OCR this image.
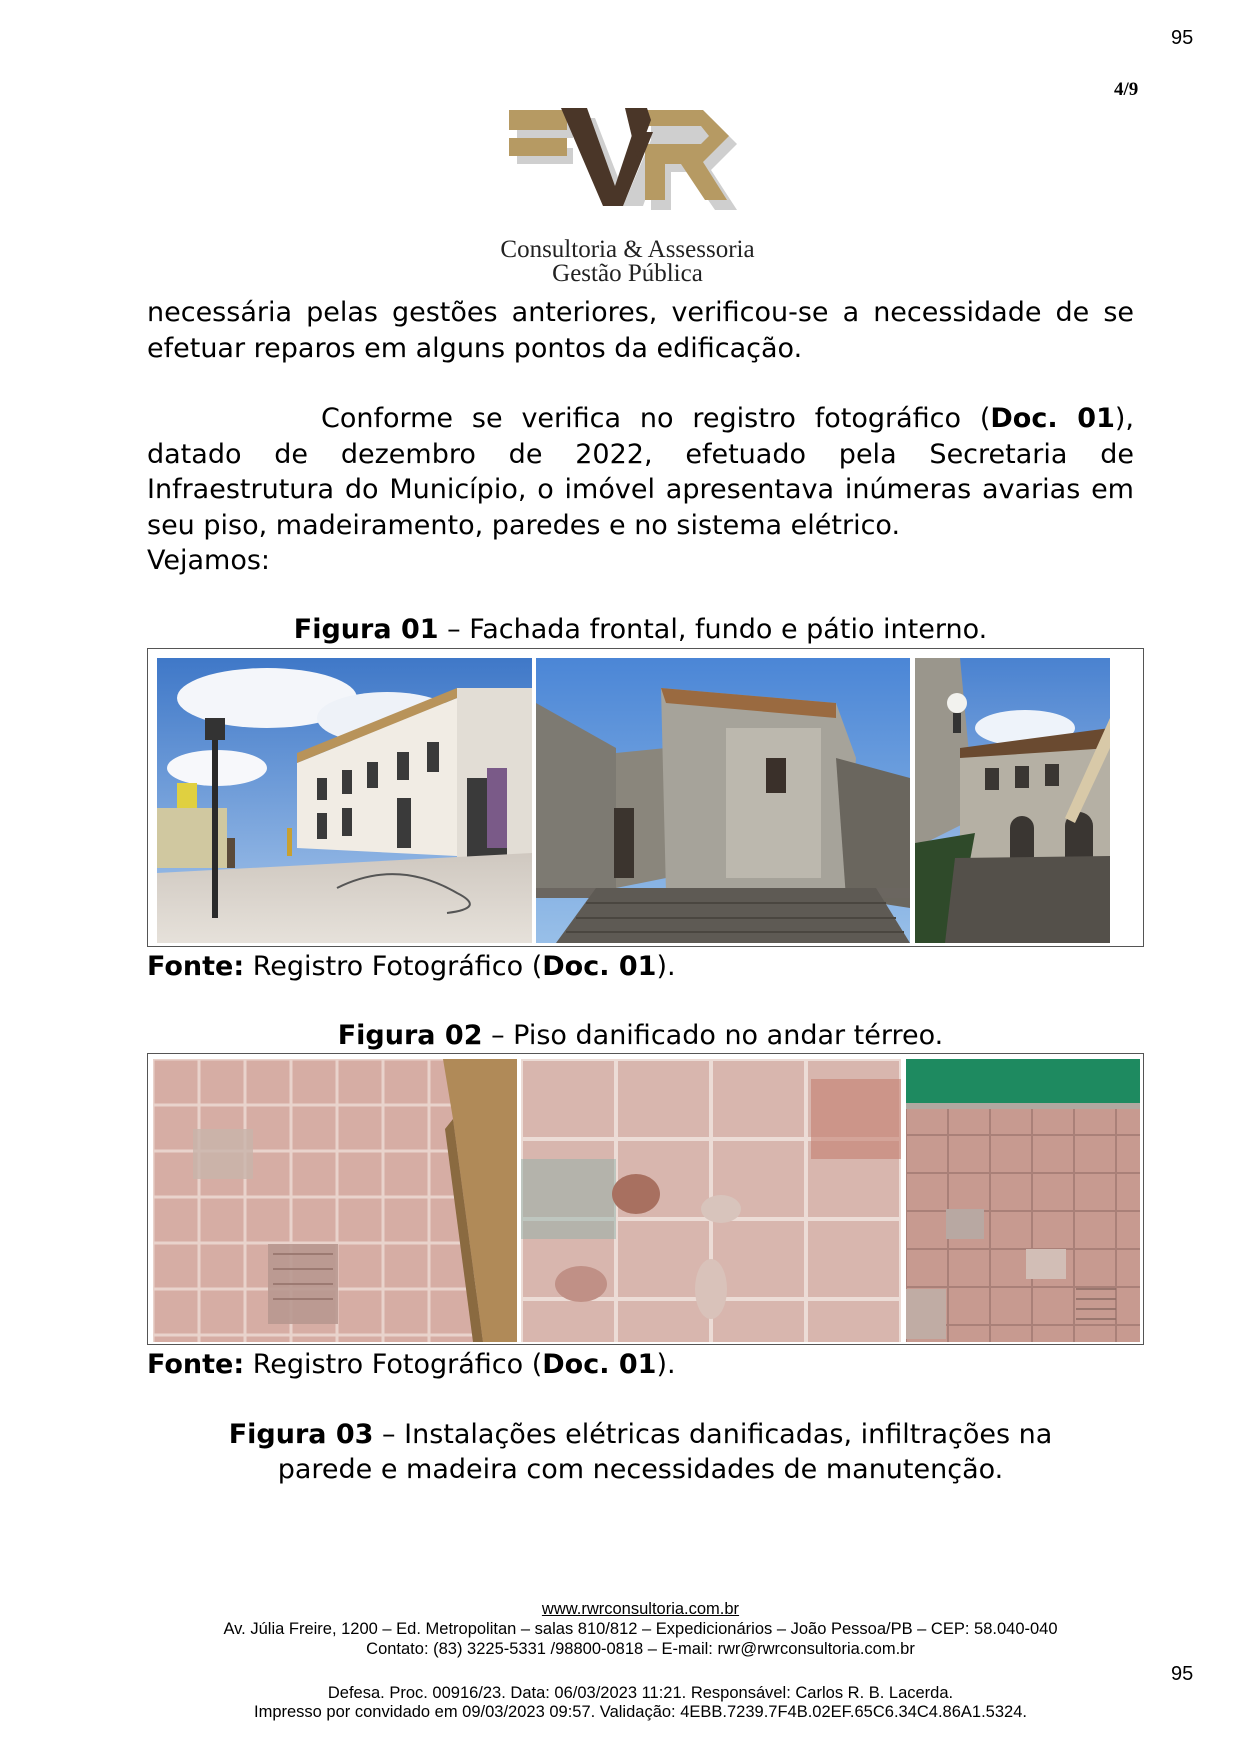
95
4/9
Consultoria & Assessoria
Gestão Pública
necessária pelas gestões anteriores, verificou-se a necessidade de se efetuar reparos em alguns pontos da edificação.
Conforme se verifica no registro fotográfico (Doc. 01), datado de dezembro de 2022, efetuado pela Secretaria de Infraestrutura do Município, o imóvel apresentava inúmeras avarias em seu piso, madeiramento, paredes e no sistema elétrico.
Vejamos:
Figura 01 – Fachada frontal, fundo e pátio interno.
Fonte: Registro Fotográfico (Doc. 01).
Figura 02 – Piso danificado no andar térreo.
Fonte: Registro Fotográfico (Doc. 01).
Figura 03 – Instalações elétricas danificadas, infiltrações na
parede e madeira com necessidades de manutenção.
www.rwrconsultoria.com.br
Av. Júlia Freire, 1200 – Ed. Metropolitan – salas 810/812 – Expedicionários – João Pessoa/PB – CEP: 58.040-040
Contato: (83) 3225-5331 /98800-0818 – E-mail: rwr@rwrconsultoria.com.br
95
Defesa. Proc. 00916/23. Data: 06/03/2023 11:21. Responsável: Carlos R. B. Lacerda.
Impresso por convidado em 09/03/2023 09:57. Validação: 4EBB.7239.7F4B.02EF.65C6.34C4.86A1.5324.
